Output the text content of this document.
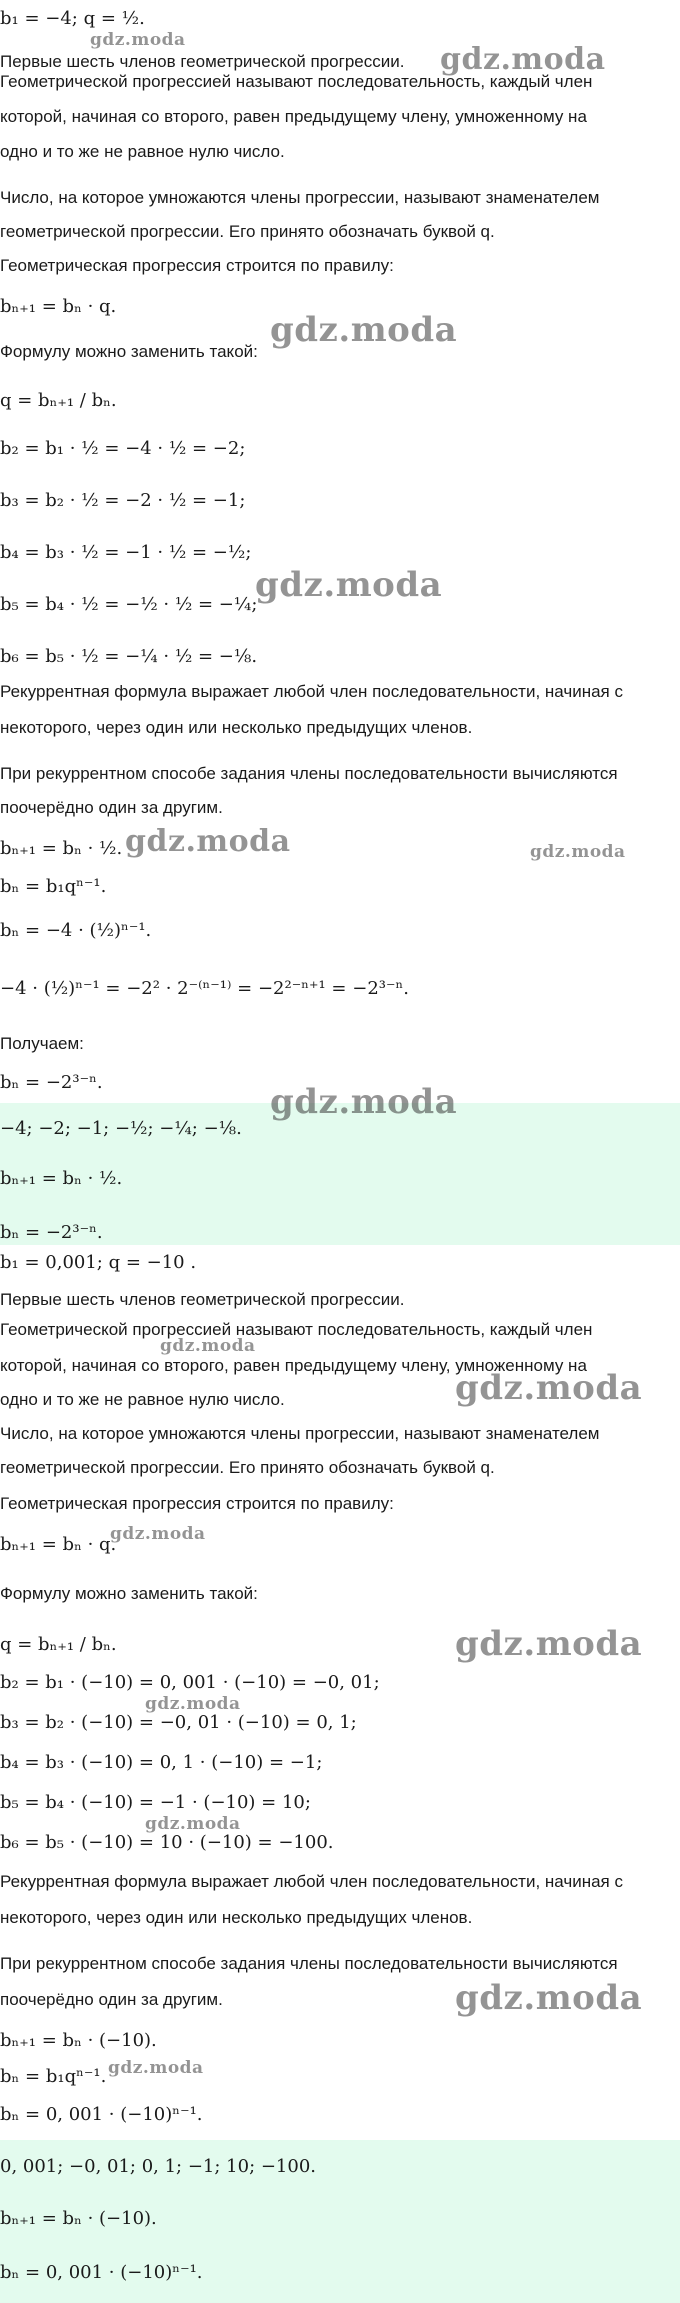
b₁ = −4; q = ½.
Первые шесть членов геометрической прогрессии.
Геометрической прогрессией называют последовательность, каждый член
которой, начиная со второго, равен предыдущему члену, умноженному на
одно и то же не равное нулю число.
Число, на которое умножаются члены прогрессии, называют знаменателем
геометрической прогрессии. Его принято обозначать буквой q.
Геометрическая прогрессия строится по правилу:
bₙ₊₁ = bₙ · q.
Формулу можно заменить такой:
q = bₙ₊₁ / bₙ.
b₂ = b₁ · ½ = −4 · ½ = −2;
b₃ = b₂ · ½ = −2 · ½ = −1;
b₄ = b₃ · ½ = −1 · ½ = −½;
b₅ = b₄ · ½ = −½ · ½ = −¼;
b₆ = b₅ · ½ = −¼ · ½ = −⅛.
Рекуррентная формула выражает любой член последовательности, начиная с
некоторого, через один или несколько предыдущих членов.
При рекуррентном способе задания члены последовательности вычисляются
поочерёдно один за другим.
bₙ₊₁ = bₙ · ½.
bₙ = b₁qⁿ⁻¹.
bₙ = −4 · (½)ⁿ⁻¹.
−4 · (½)ⁿ⁻¹ = −2² · 2⁻⁽ⁿ⁻¹⁾ = −2²⁻ⁿ⁺¹ = −2³⁻ⁿ.
Получаем:
bₙ = −2³⁻ⁿ.
−4; −2; −1; −½; −¼; −⅛.
bₙ₊₁ = bₙ · ½.
bₙ = −2³⁻ⁿ.
b₁ = 0,001; q = −10 .
Первые шесть членов геометрической прогрессии.
Геометрической прогрессией называют последовательность, каждый член
которой, начиная со второго, равен предыдущему члену, умноженному на
одно и то же не равное нулю число.
Число, на которое умножаются члены прогрессии, называют знаменателем
геометрической прогрессии. Его принято обозначать буквой q.
Геометрическая прогрессия строится по правилу:
bₙ₊₁ = bₙ · q.
Формулу можно заменить такой:
q = bₙ₊₁ / bₙ.
b₂ = b₁ · (−10) = 0, 001 · (−10) = −0, 01;
b₃ = b₂ · (−10) = −0, 01 · (−10) = 0, 1;
b₄ = b₃ · (−10) = 0, 1 · (−10) = −1;
b₅ = b₄ · (−10) = −1 · (−10) = 10;
b₆ = b₅ · (−10) = 10 · (−10) = −100.
Рекуррентная формула выражает любой член последовательности, начиная с
некоторого, через один или несколько предыдущих членов.
При рекуррентном способе задания члены последовательности вычисляются
поочерёдно один за другим.
bₙ₊₁ = bₙ · (−10).
bₙ = b₁qⁿ⁻¹.
bₙ = 0, 001 · (−10)ⁿ⁻¹.
0, 001; −0, 01; 0, 1; −1; 10; −100.
bₙ₊₁ = bₙ · (−10).
bₙ = 0, 001 · (−10)ⁿ⁻¹.
gdz.moda
gdz.moda
gdz.moda
gdz.moda
gdz.moda	gdz.moda
gdz.moda
gdz.moda
gdz.moda
gdz.moda
gdz.moda
gdz.moda
gdz.moda
gdz.moda
gdz.moda
